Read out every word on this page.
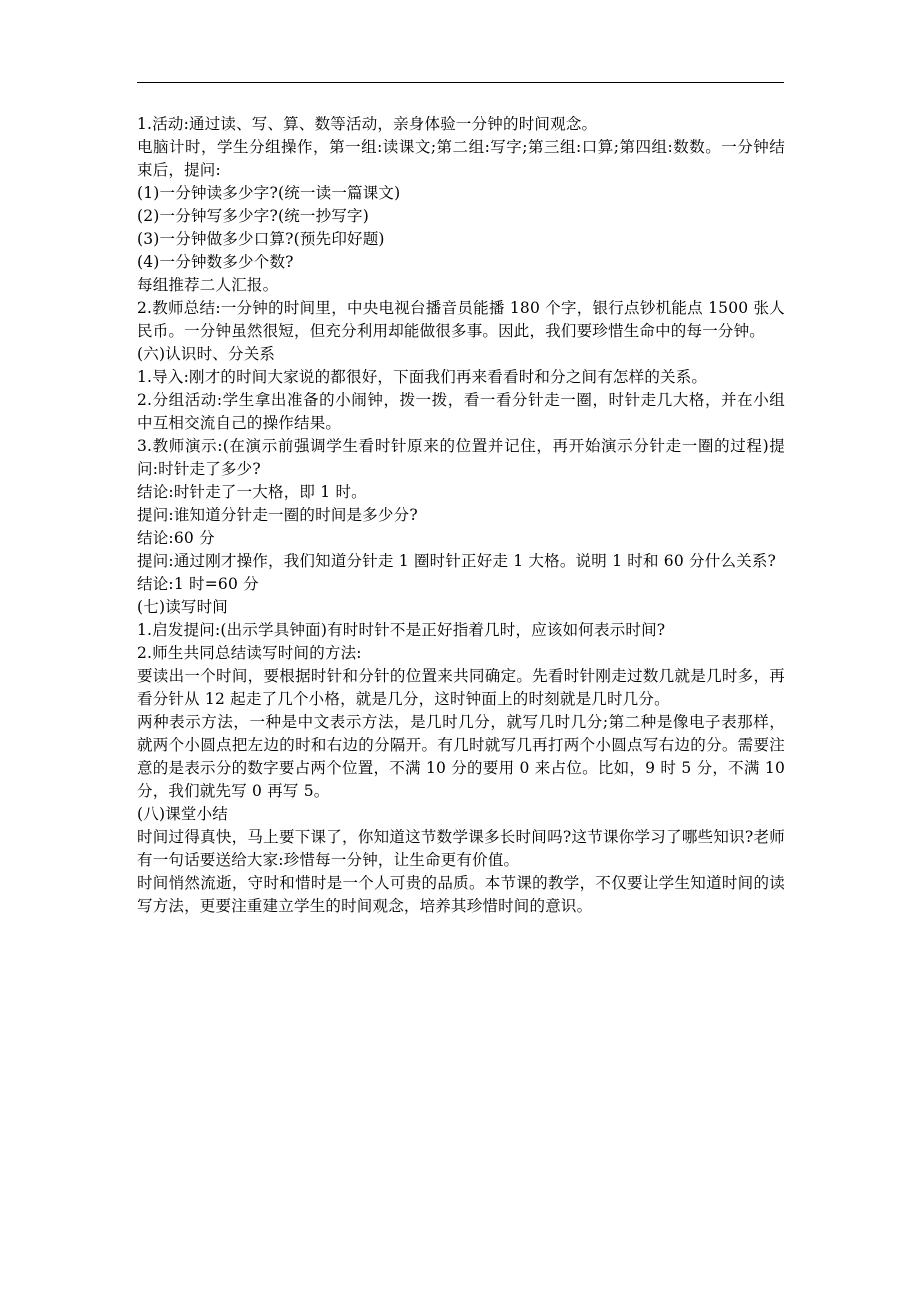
1.活动:通过读、写、算、数等活动，亲身体验一分钟的时间观念。

电脑计时，学生分组操作，第一组:读课文;第二组:写字;第三组:口算;第四组:数数。一分钟结束后，提问:

(1)一分钟读多少字?(统一读一篇课文)

(2)一分钟写多少字?(统一抄写字)

(3)一分钟做多少口算?(预先印好题)

(4)一分钟数多少个数?

每组推荐二人汇报。

2.教师总结:一分钟的时间里，中央电视台播音员能播 180 个字，银行点钞机能点 1500 张人民币。一分钟虽然很短，但充分利用却能做很多事。因此，我们要珍惜生命中的每一分钟。

(六)认识时、分关系

1.导入:刚才的时间大家说的都很好，下面我们再来看看时和分之间有怎样的关系。

2.分组活动:学生拿出准备的小闹钟，拨一拨，看一看分针走一圈，时针走几大格，并在小组中互相交流自己的操作结果。

3.教师演示:(在演示前强调学生看时针原来的位置并记住，再开始演示分针走一圈的过程)提问:时针走了多少?

结论:时针走了一大格，即 1 时。

提问:谁知道分针走一圈的时间是多少分?

结论:60 分

提问:通过刚才操作，我们知道分针走 1 圈时针正好走 1 大格。说明 1 时和 60 分什么关系?

结论:1 时=60 分

(七)读写时间

1.启发提问:(出示学具钟面)有时时针不是正好指着几时，应该如何表示时间?

2.师生共同总结读写时间的方法:

要读出一个时间，要根据时针和分针的位置来共同确定。先看时针刚走过数几就是几时多，再看分针从 12 起走了几个小格，就是几分，这时钟面上的时刻就是几时几分。

两种表示方法，一种是中文表示方法，是几时几分，就写几时几分;第二种是像电子表那样，就两个小圆点把左边的时和右边的分隔开。有几时就写几再打两个小圆点写右边的分。需要注意的是表示分的数字要占两个位置，不满 10 分的要用 0 来占位。比如，9 时 5 分，不满 10 分，我们就先写 0 再写 5。

(八)课堂小结

时间过得真快，马上要下课了，你知道这节数学课多长时间吗?这节课你学习了哪些知识?老师有一句话要送给大家:珍惜每一分钟，让生命更有价值。

时间悄然流逝，守时和惜时是一个人可贵的品质。本节课的教学，不仅要让学生知道时间的读写方法，更要注重建立学生的时间观念，培养其珍惜时间的意识。
